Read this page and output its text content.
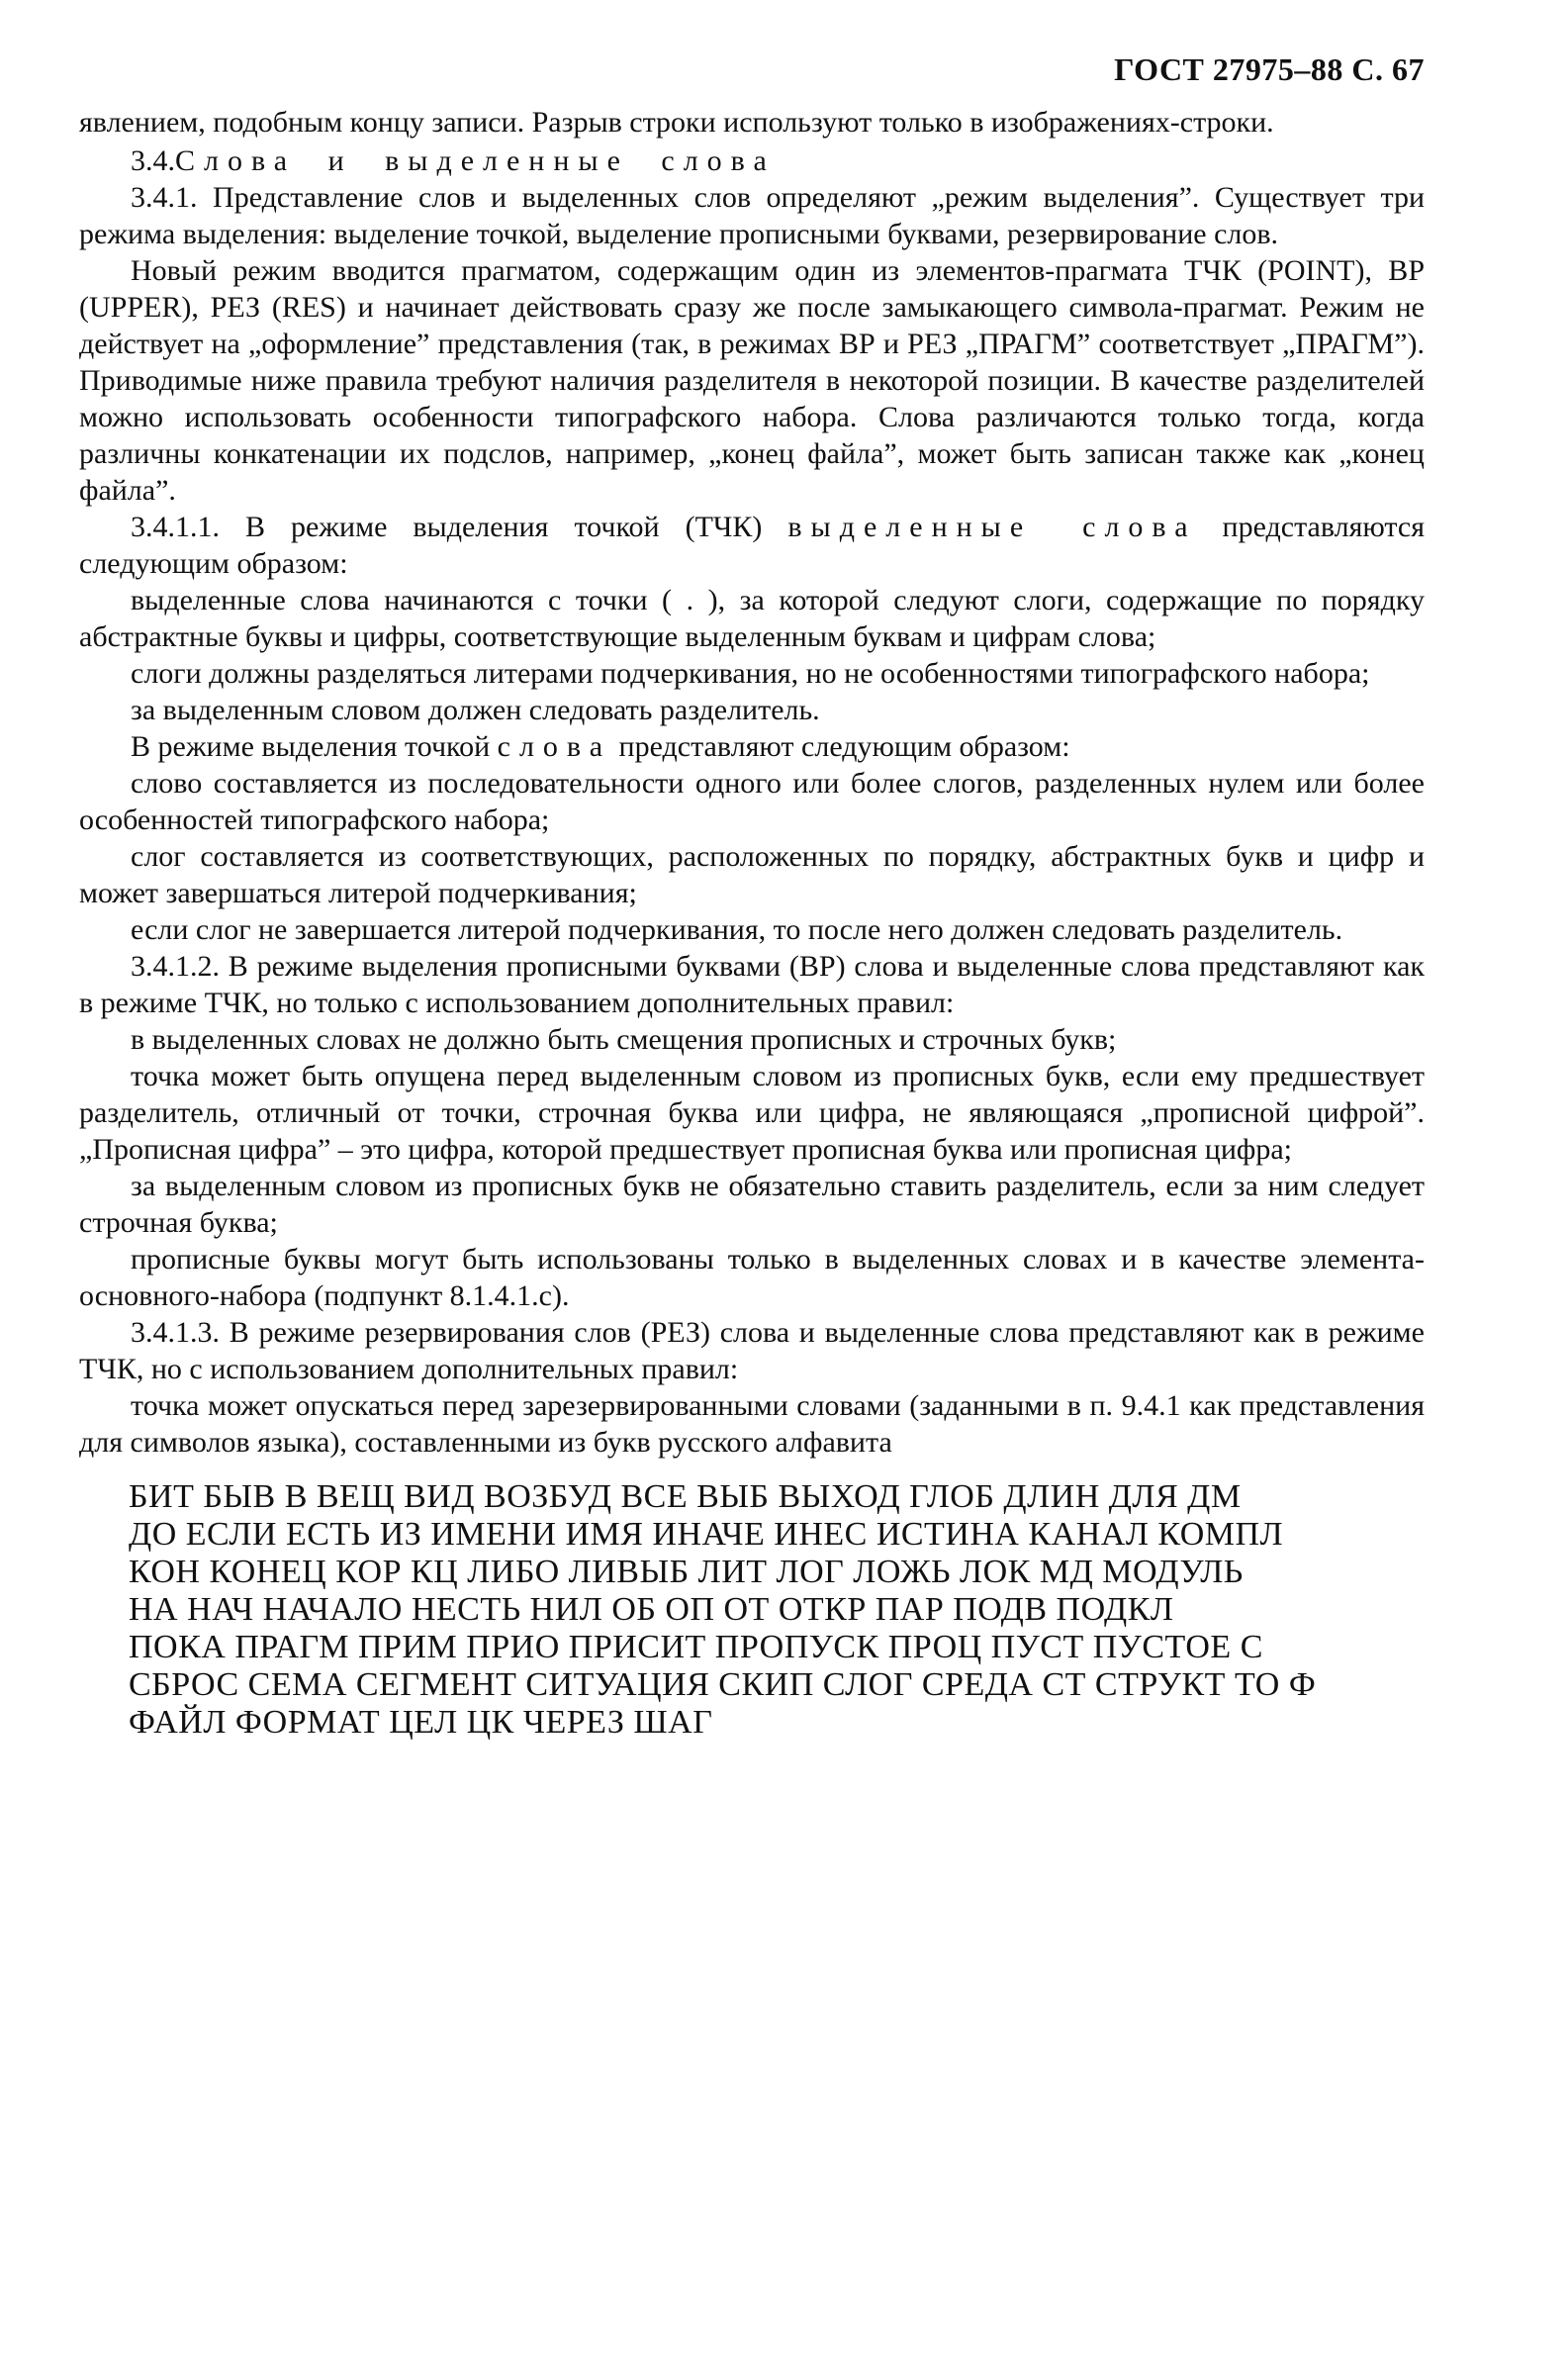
ГОСТ 27975–88 С. 67

явлением, подобным концу записи. Разрыв строки используют только в изображениях-строки.

3.4.Слова и выделенные слова

3.4.1. Представление слов и выделенных слов определяют „режим выделения”. Существует три режима выделения: выделение точкой, выделение прописными буквами, резервирование слов.

Новый режим вводится прагматом, содержащим один из элементов-прагмата ТЧК (POINT), ВР (UPPER), РЕЗ (RES) и начинает действовать сразу же после замыкающего символа-прагмат. Режим не действует на „оформление” представления (так, в режимах ВР и РЕЗ „ПРАГМ” соответствует „ПРАГМ”). Приводимые ниже правила требуют наличия разделителя в некоторой позиции. В качестве разделителей можно использовать особенности типографского набора. Слова различаются только тогда, когда различны конкатенации их подслов, например, „конец файла”, может быть записан также как „конец файла”.

3.4.1.1. В режиме выделения точкой (ТЧК) выделенные слова представляются следующим образом:

выделенные слова начинаются с точки ( . ), за которой следуют слоги, содержащие по порядку абстрактные буквы и цифры, соответствующие выделенным буквам и цифрам слова;

слоги должны разделяться литерами подчеркивания, но не особенностями типографского набора;

за выделенным словом должен следовать разделитель.

В режиме выделения точкой слова представляют следующим образом:

слово составляется из последовательности одного или более слогов, разделенных нулем или более особенностей типографского набора;

слог составляется из соответствующих, расположенных по порядку, абстрактных букв и цифр и может завершаться литерой подчеркивания;

если слог не завершается литерой подчеркивания, то после него должен следовать разделитель.

3.4.1.2. В режиме выделения прописными буквами (ВР) слова и выделенные слова представляют как в режиме ТЧК, но только с использованием дополнительных правил:

в выделенных словах не должно быть смещения прописных и строчных букв;

точка может быть опущена перед выделенным словом из прописных букв, если ему предшествует разделитель, отличный от точки, строчная буква или цифра, не являющаяся „прописной цифрой”. „Прописная цифра” – это цифра, которой предшествует прописная буква или прописная цифра;

за выделенным словом из прописных букв не обязательно ставить разделитель, если за ним следует строчная буква;

прописные буквы могут быть использованы только в выделенных словах и в качестве элемента-основного-набора (подпункт 8.1.4.1.с).

3.4.1.3. В режиме резервирования слов (РЕЗ) слова и выделенные слова представляют как в режиме ТЧК, но с использованием дополнительных правил:

точка может опускаться перед зарезервированными словами (заданными в п. 9.4.1 как представления для символов языка), составленными из букв русского алфавита

БИТ БЫВ В ВЕЩ ВИД ВОЗБУД ВСЕ ВЫБ ВЫХОД ГЛОБ ДЛИН ДЛЯ ДМ

ДО ЕСЛИ ЕСТЬ ИЗ ИМЕНИ ИМЯ ИНАЧЕ ИНЕС ИСТИНА КАНАЛ КОМПЛ

КОН КОНЕЦ КОР КЦ ЛИБО ЛИВЫБ ЛИТ ЛОГ ЛОЖЬ ЛОК МД МОДУЛЬ

НА НАЧ НАЧАЛО НЕСТЬ НИЛ ОБ ОП ОТ ОТКР ПАР ПОДВ ПОДКЛ

ПОКА ПРАГМ ПРИМ ПРИО ПРИСИТ ПРОПУСК ПРОЦ ПУСТ ПУСТОЕ С

СБРОС СЕМА СЕГМЕНТ СИТУАЦИЯ СКИП СЛОГ СРЕДА СТ СТРУКТ ТО Ф

ФАЙЛ ФОРМАТ ЦЕЛ ЦК ЧЕРЕЗ ШАГ
